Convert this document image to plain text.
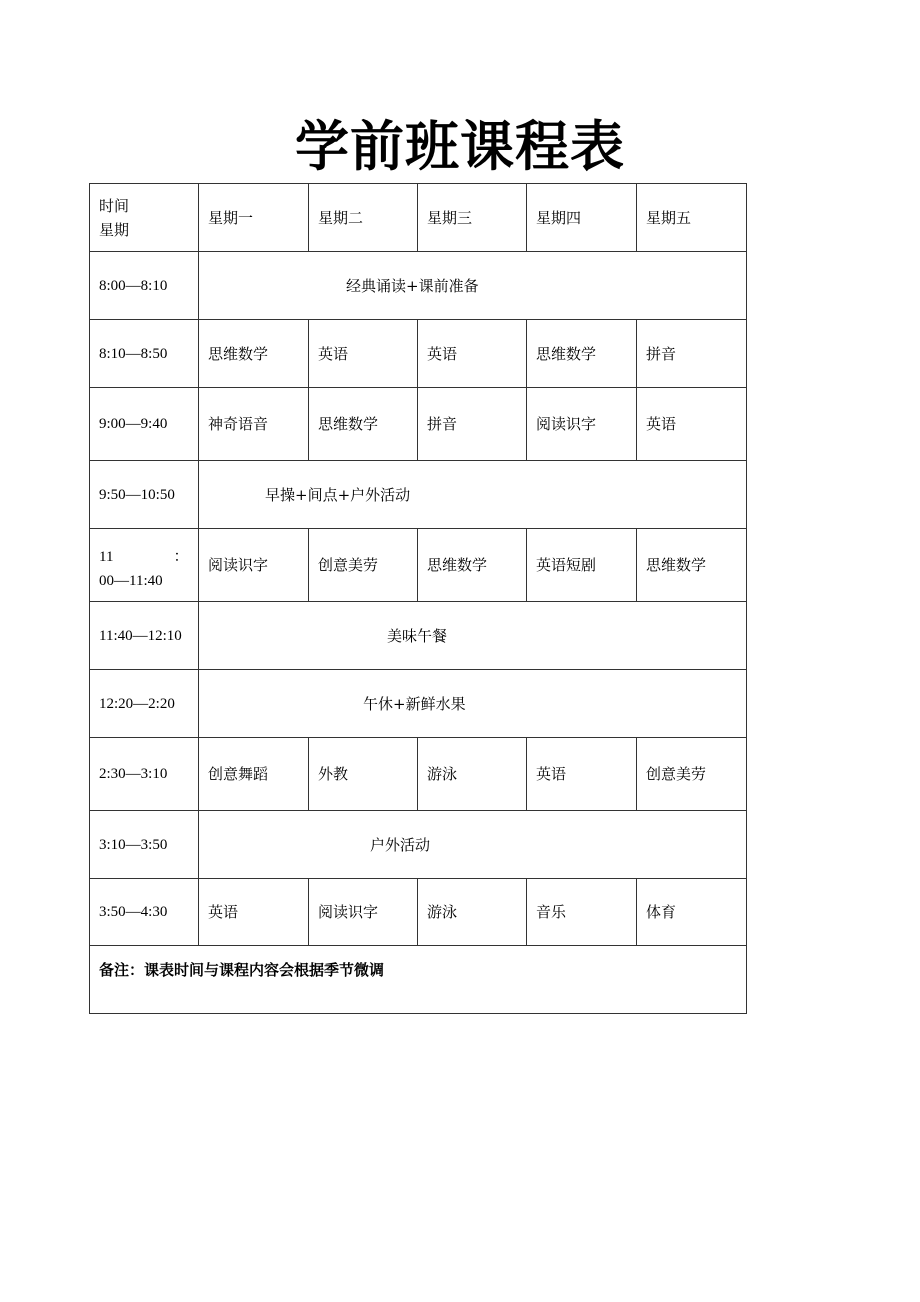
学前班课程表
时间
星期	星期一	星期二	星期三	星期四	星期五
8:00—8:10	经典诵读+课前准备				
8:10—8:50	思维数学	英语	英语	思维数学	拼音
9:00—9:40	神奇语音	思维数学	拼音	阅读识字	英语
9:50—10:50	早操+间点+户外活动				

11　　　　：
00—11:40	阅读识字	创意美劳	思维数学	英语短剧	思维数学
11:40—12:10	美味午餐				
12:20—2:20	午休+新鲜水果				
2:30—3:10	创意舞蹈	外教	游泳	英语	创意美劳
3:10—3:50	户外活动				
3:50—4:30	英语	阅读识字	游泳	音乐	体育
备注：课表时间与课程内容会根据季节微调					
